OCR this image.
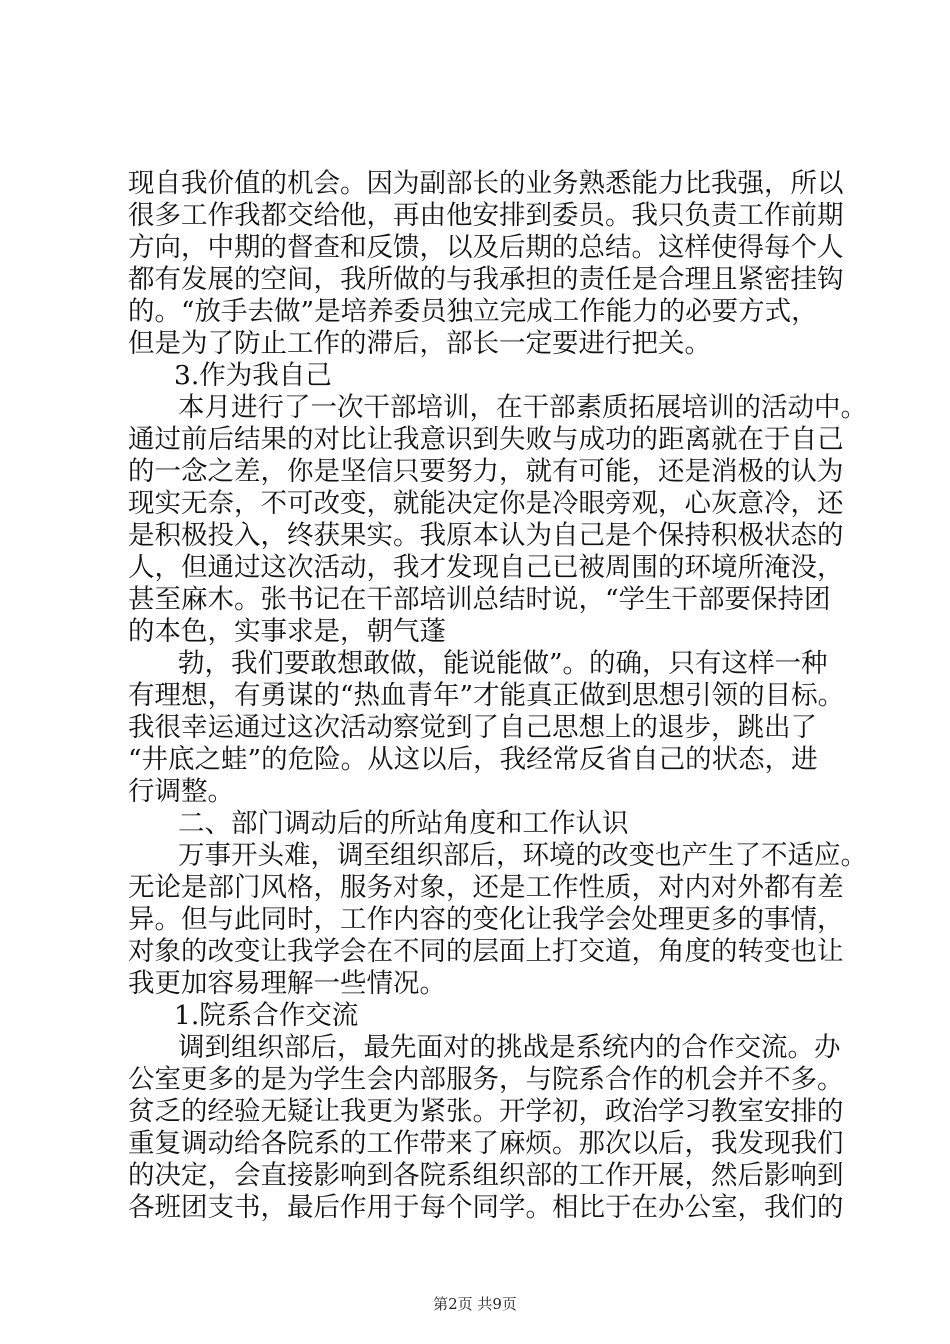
现自我价值的机会。因为副部长的业务熟悉能力比我强，所以
很多工作我都交给他，再由他安排到委员。我只负责工作前期
方向，中期的督查和反馈，以及后期的总结。这样使得每个人
都有发展的空间，我所做的与我承担的责任是合理且紧密挂钩
的。“放手去做”是培养委员独立完成工作能力的必要方式，
但是为了防止工作的滞后，部长一定要进行把关。
3.作为我自己
本月进行了一次干部培训，在干部素质拓展培训的活动中。
通过前后结果的对比让我意识到失败与成功的距离就在于自己
的一念之差，你是坚信只要努力，就有可能，还是消极的认为
现实无奈，不可改变，就能决定你是冷眼旁观，心灰意冷，还
是积极投入，终获果实。我原本认为自己是个保持积极状态的
人，但通过这次活动，我才发现自己已被周围的环境所淹没，
甚至麻木。张书记在干部培训总结时说，“学生干部要保持团
的本色，实事求是，朝气蓬
勃，我们要敢想敢做，能说能做”。的确，只有这样一种
有理想，有勇谋的“热血青年”才能真正做到思想引领的目标。
我很幸运通过这次活动察觉到了自己思想上的退步，跳出了
“井底之蛙”的危险。从这以后，我经常反省自己的状态，进
行调整。
二、部门调动后的所站角度和工作认识
万事开头难，调至组织部后，环境的改变也产生了不适应。
无论是部门风格，服务对象，还是工作性质，对内对外都有差
异。但与此同时，工作内容的变化让我学会处理更多的事情，
对象的改变让我学会在不同的层面上打交道，角度的转变也让
我更加容易理解一些情况。
1.院系合作交流
调到组织部后，最先面对的挑战是系统内的合作交流。办
公室更多的是为学生会内部服务，与院系合作的机会并不多。
贫乏的经验无疑让我更为紧张。开学初，政治学习教室安排的
重复调动给各院系的工作带来了麻烦。那次以后，我发现我们
的决定，会直接影响到各院系组织部的工作开展，然后影响到
各班团支书，最后作用于每个同学。相比于在办公室，我们的
第2页 共9页
